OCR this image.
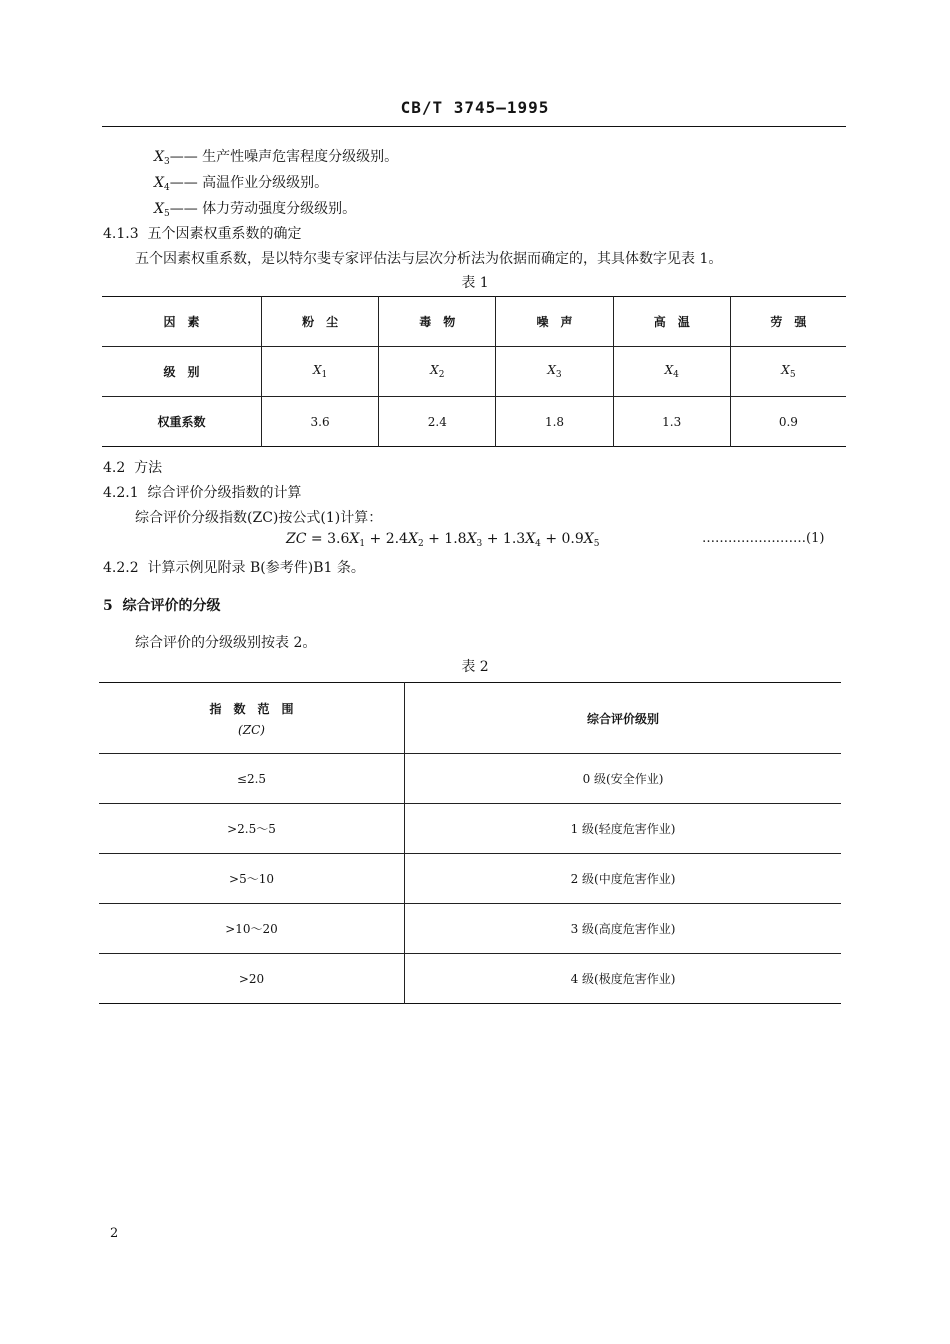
CB/T 3745—1995
$X_3——$ 生产性噪声危害程度分级级别。
$X_4——$ 高温作业分级级别。
$X_5——$ 体力劳动强度分级级别。
4.1.3 五个因素权重系数的确定
五个因素权重系数，是以特尔斐专家评估法与层次分析法为依据而确定的，其具体数字见表 1。
表 1
因　素	粉　尘	毒　物	噪　声	高　温	劳　强
级　别	$X_1$	$X_2$	$X_3$	$X_4$	$X_5$
权重系数	3.6	2.4	1.8	1.3	0.9
4.2 方法
4.2.1 综合评价分级指数的计算
综合评价分级指数(ZC)按公式(1)计算：
ZC = $3.6X_1 + 2.4X_2 + 1.8X_3 + 1.3X_4 + 0.9X_5$	……………………(1)
4.2.2 计算示例见附录 B(参考件)B1 条。
5 综合评价的分级
综合评价的分级级别按表 2。
表 2
指　数　范　围
(ZC)	综合评价级别
≤2.5	0 级(安全作业)
>2.5～5	1 级(轻度危害作业)
>5～10	2 级(中度危害作业)
>10～20	3 级(高度危害作业)
>20	4 级(极度危害作业)
2
